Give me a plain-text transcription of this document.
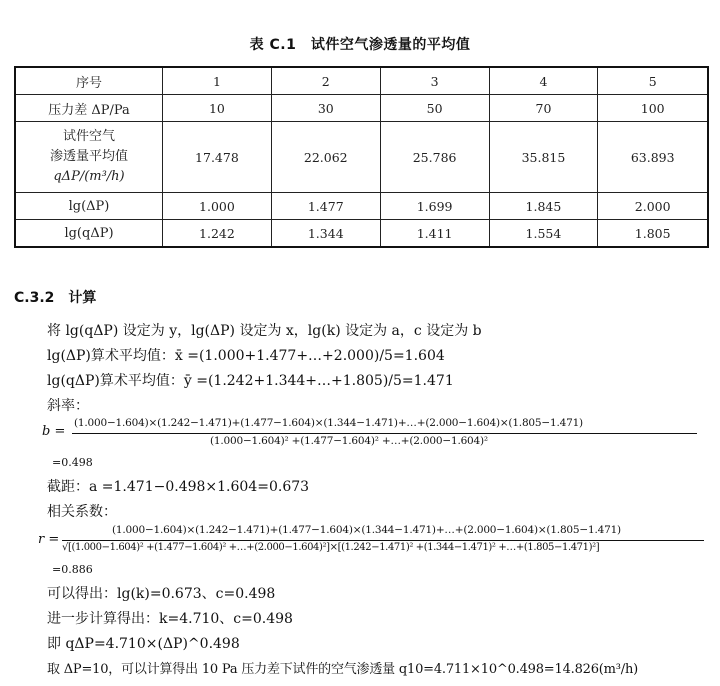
表 C.1　试件空气渗透量的平均值
序号	1	2	3	4	5
压力差 ΔP/Pa	10	30	50	70	100

试件空气
渗透量平均值
qΔP/(m³/h)	17.478	22.062	25.786	35.815	63.893
lg(ΔP)	1.000	1.477	1.699	1.845	2.000
lg(qΔP)	1.242	1.344	1.411	1.554	1.805
C.3.2　计算
将 lg(qΔP) 设定为 y，lg(ΔP) 设定为 x，lg(k) 设定为 a，c 设定为 b
lg(ΔP)算术平均值：x̄ =(1.000+1.477+…+2.000)/5=1.604
lg(qΔP)算术平均值：ȳ =(1.242+1.344+…+1.805)/5=1.471
斜率：
b =
(1.000−1.604)×(1.242−1.471)+(1.477−1.604)×(1.344−1.471)+…+(2.000−1.604)×(1.805−1.471)
(1.000−1.604)² +(1.477−1.604)² +…+(2.000−1.604)²
=0.498
截距：a =1.471−0.498×1.604=0.673
相关系数：
r =
(1.000−1.604)×(1.242−1.471)+(1.477−1.604)×(1.344−1.471)+…+(2.000−1.604)×(1.805−1.471)
√[(1.000−1.604)² +(1.477−1.604)² +…+(2.000−1.604)²]×[(1.242−1.471)² +(1.344−1.471)² +…+(1.805−1.471)²]
=0.886
可以得出：lg(k)=0.673、c=0.498
进一步计算得出：k=4.710、c=0.498
即 qΔP=4.710×(ΔP)^0.498
取 ΔP=10，可以计算得出 10 Pa 压力差下试件的空气渗透量 q10=4.711×10^0.498=14.826(m³/h)
